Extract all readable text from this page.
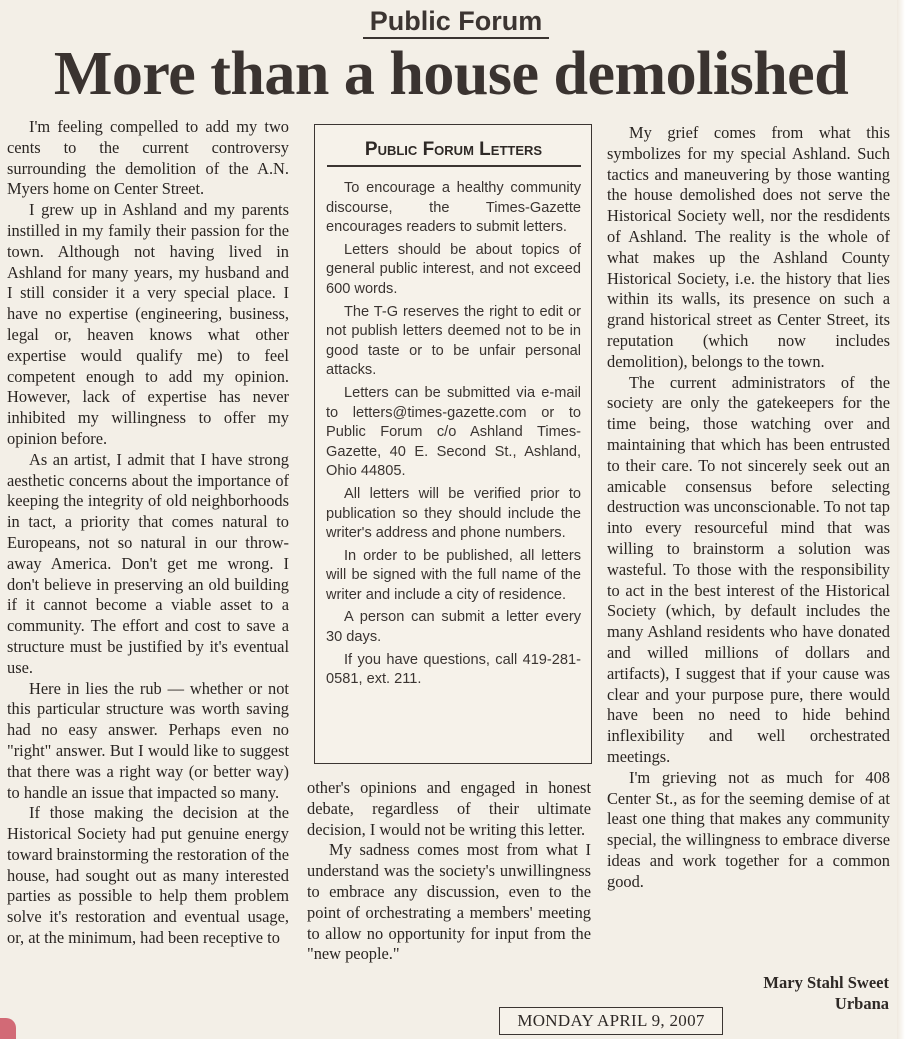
Public Forum
More than a house demolished

I'm feeling compelled to add my two cents to the current controversy surrounding the demolition of the A.N. Myers home on Center Street.

I grew up in Ashland and my parents instilled in my family their passion for the town. Although not having lived in Ashland for many years, my husband and I still consider it a very special place. I have no expertise (engineering, business, legal or, heaven knows what other expertise would qualify me) to feel competent enough to add my opinion. However, lack of expertise has never inhibited my willingness to offer my opinion before.

As an artist, I admit that I have strong aesthetic concerns about the importance of keeping the integrity of old neighborhoods in tact, a priority that comes natural to Europeans, not so natural in our throw-away America. Don't get me wrong. I don't believe in preserving an old building if it cannot become a viable asset to a community. The effort and cost to save a structure must be justified by it's eventual use.

Here in lies the rub — whether or not this particular structure was worth saving had no easy answer. Perhaps even no "right" answer. But I would like to suggest that there was a right way (or better way) to handle an issue that impacted so many.

If those making the decision at the Historical Society had put genuine energy toward brainstorming the restoration of the house, had sought out as many interested parties as possible to help them problem solve it's restoration and eventual usage, or, at the minimum, had been receptive to

Public Forum Letters

To encourage a healthy community discourse, the Times-Gazette encourages readers to submit letters.

Letters should be about topics of general public interest, and not exceed 600 words.

The T-G reserves the right to edit or not publish letters deemed not to be in good taste or to be unfair personal attacks.

Letters can be submitted via e-mail to letters@times-gazette.com or to Public Forum c/o Ashland Times-Gazette, 40 E. Second St., Ashland, Ohio 44805.

All letters will be verified prior to publication so they should include the writer's address and phone numbers.

In order to be published, all letters will be signed with the full name of the writer and include a city of residence.

A person can submit a letter every 30 days.

If you have questions, call 419-281-0581, ext. 211.

other's opinions and engaged in honest debate, regardless of their ultimate decision, I would not be writing this letter.

My sadness comes most from what I understand was the society's unwillingness to embrace any discussion, even to the point of orchestrating a members' meeting to allow no opportunity for input from the "new people."

My grief comes from what this symbolizes for my special Ashland. Such tactics and maneuvering by those wanting the house demolished does not serve the Historical Society well, nor the resdidents of Ashland. The reality is the whole of what makes up the Ashland County Historical Society, i.e. the history that lies within its walls, its presence on such a grand historical street as Center Street, its reputation (which now includes demolition), belongs to the town.

The current administrators of the society are only the gatekeepers for the time being, those watching over and maintaining that which has been entrusted to their care. To not sincerely seek out an amicable consensus before selecting destruction was unconscionable. To not tap into every resourceful mind that was willing to brainstorm a solution was wasteful. To those with the responsibility to act in the best interest of the Historical Society (which, by default includes the many Ashland residents who have donated and willed millions of dollars and artifacts), I suggest that if your cause was clear and your purpose pure, there would have been no need to hide behind inflexibility and well orchestrated meetings.

I'm grieving not as much for 408 Center St., as for the seeming demise of at least one thing that makes any community special, the willingness to embrace diverse ideas and work together for a common good.

Mary Stahl Sweet
Urbana
MONDAY APRIL 9, 2007
